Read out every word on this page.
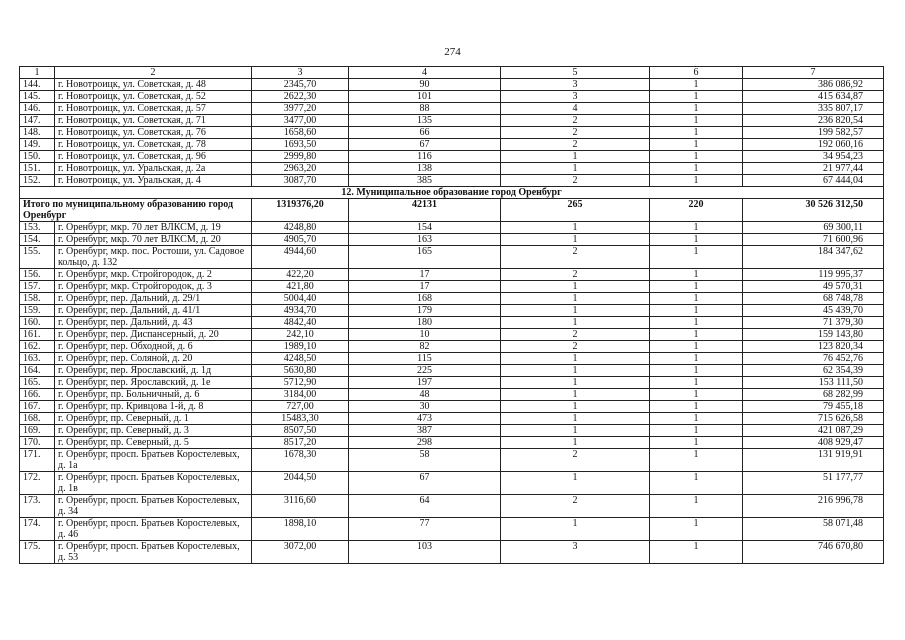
274
1	2	3	4	5	6	7
144.	г. Новотроицк, ул. Советская, д. 48	2345,70	90	3	1	386 086,92
145.	г. Новотроицк, ул. Советская, д. 52	2622,30	101	3	1	415 634,87
146.	г. Новотроицк, ул. Советская, д. 57	3977,20	88	4	1	335 807,17
147.	г. Новотроицк, ул. Советская, д. 71	3477,00	135	2	1	236 820,54
148.	г. Новотроицк, ул. Советская, д. 76	1658,60	66	2	1	199 582,57
149.	г. Новотроицк, ул. Советская, д. 78	1693,50	67	2	1	192 060,16
150.	г. Новотроицк, ул. Советская, д. 96	2999,80	116	1	1	34 954,23
151.	г. Новотроицк, ул. Уральская, д. 2а	2963,20	138	1	1	21 977,44
152.	г. Новотроицк, ул. Уральская, д. 4	3087,70	385	2	1	67 444,04
12. Муниципальное образование город Оренбург						
Итого по муниципальному образованию город Оренбург		1319376,20	42131	265	220	30 526 312,50
153.	г. Оренбург, мкр. 70 лет ВЛКСМ, д. 19	4248,80	154	1	1	69 300,11
154.	г. Оренбург, мкр. 70 лет ВЛКСМ, д. 20	4905,70	163	1	1	71 600,96
155.	г. Оренбург, мкр. пос. Ростоши, ул. Садовое кольцо, д. 132	4944,60	165	2	1	184 347,62
156.	г. Оренбург, мкр. Стройгородок, д. 2	422,20	17	2	1	119 995,37
157.	г. Оренбург, мкр. Стройгородок, д. 3	421,80	17	1	1	49 570,31
158.	г. Оренбург, пер. Дальний, д. 29/1	5004,40	168	1	1	68 748,78
159.	г. Оренбург, пер. Дальний, д. 41/1	4934,70	179	1	1	45 439,70
160.	г. Оренбург, пер. Дальний, д. 43	4842,40	180	1	1	71 379,30
161.	г. Оренбург, пер. Диспансерный, д. 20	242,10	10	2	1	159 143,80
162.	г. Оренбург, пер. Обходной, д. 6	1989,10	82	2	1	123 820,34
163.	г. Оренбург, пер. Соляной, д. 20	4248,50	115	1	1	76 452,76
164.	г. Оренбург, пер. Ярославский, д. 1д	5630,80	225	1	1	62 354,39
165.	г. Оренбург, пер. Ярославский, д. 1е	5712,90	197	1	1	153 111,50
166.	г. Оренбург, пр. Больничный, д. 6	3184,00	48	1	1	68 282,99
167.	г. Оренбург, пр. Кривцова 1-й, д. 8	727,00	30	1	1	79 455,18
168.	г. Оренбург, пр. Северный, д. 1	15483,30	473	1	1	715 626,58
169.	г. Оренбург, пр. Северный, д. 3	8507,50	387	1	1	421 087,29
170.	г. Оренбург, пр. Северный, д. 5	8517,20	298	1	1	408 929,47
171.	г. Оренбург, просп. Братьев Коростелевых, д. 1а	1678,30	58	2	1	131 919,91
172.	г. Оренбург, просп. Братьев Коростелевых, д. 1в	2044,50	67	1	1	51 177,77
173.	г. Оренбург, просп. Братьев Коростелевых, д. 34	3116,60	64	2	1	216 996,78
174.	г. Оренбург, просп. Братьев Коростелевых, д. 46	1898,10	77	1	1	58 071,48
175.	г. Оренбург, просп. Братьев Коростелевых, д. 53	3072,00	103	3	1	746 670,80
